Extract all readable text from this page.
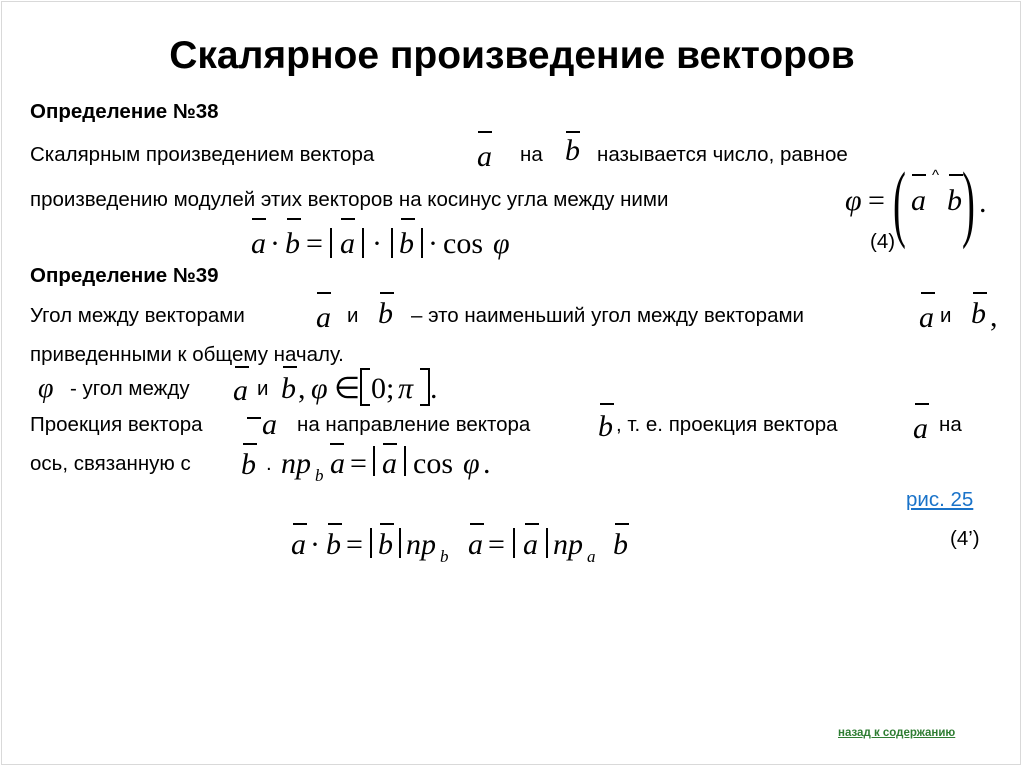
Скалярное произведение векторов
Определение №38
Скалярным произведением вектора	a на b называется число, равное
произведению модулей этих векторов на косинус угла между ними	φ = ( a
^
b ) .
a · b = a · b · cos φ	(4)
Определение №39
Угол между векторами a и b – это наименьший угол между векторами	a и b ,
приведенными к общему началу.
φ - угол между a и b , φ ∈ 0; π .
Проекция вектора a на направление вектора b , т. е. проекция вектора	a на
ось, связанную с b . np b a = a cos φ .
рис. 25
a · b = b np b a = a np a b	(4’)
назад к содержанию
